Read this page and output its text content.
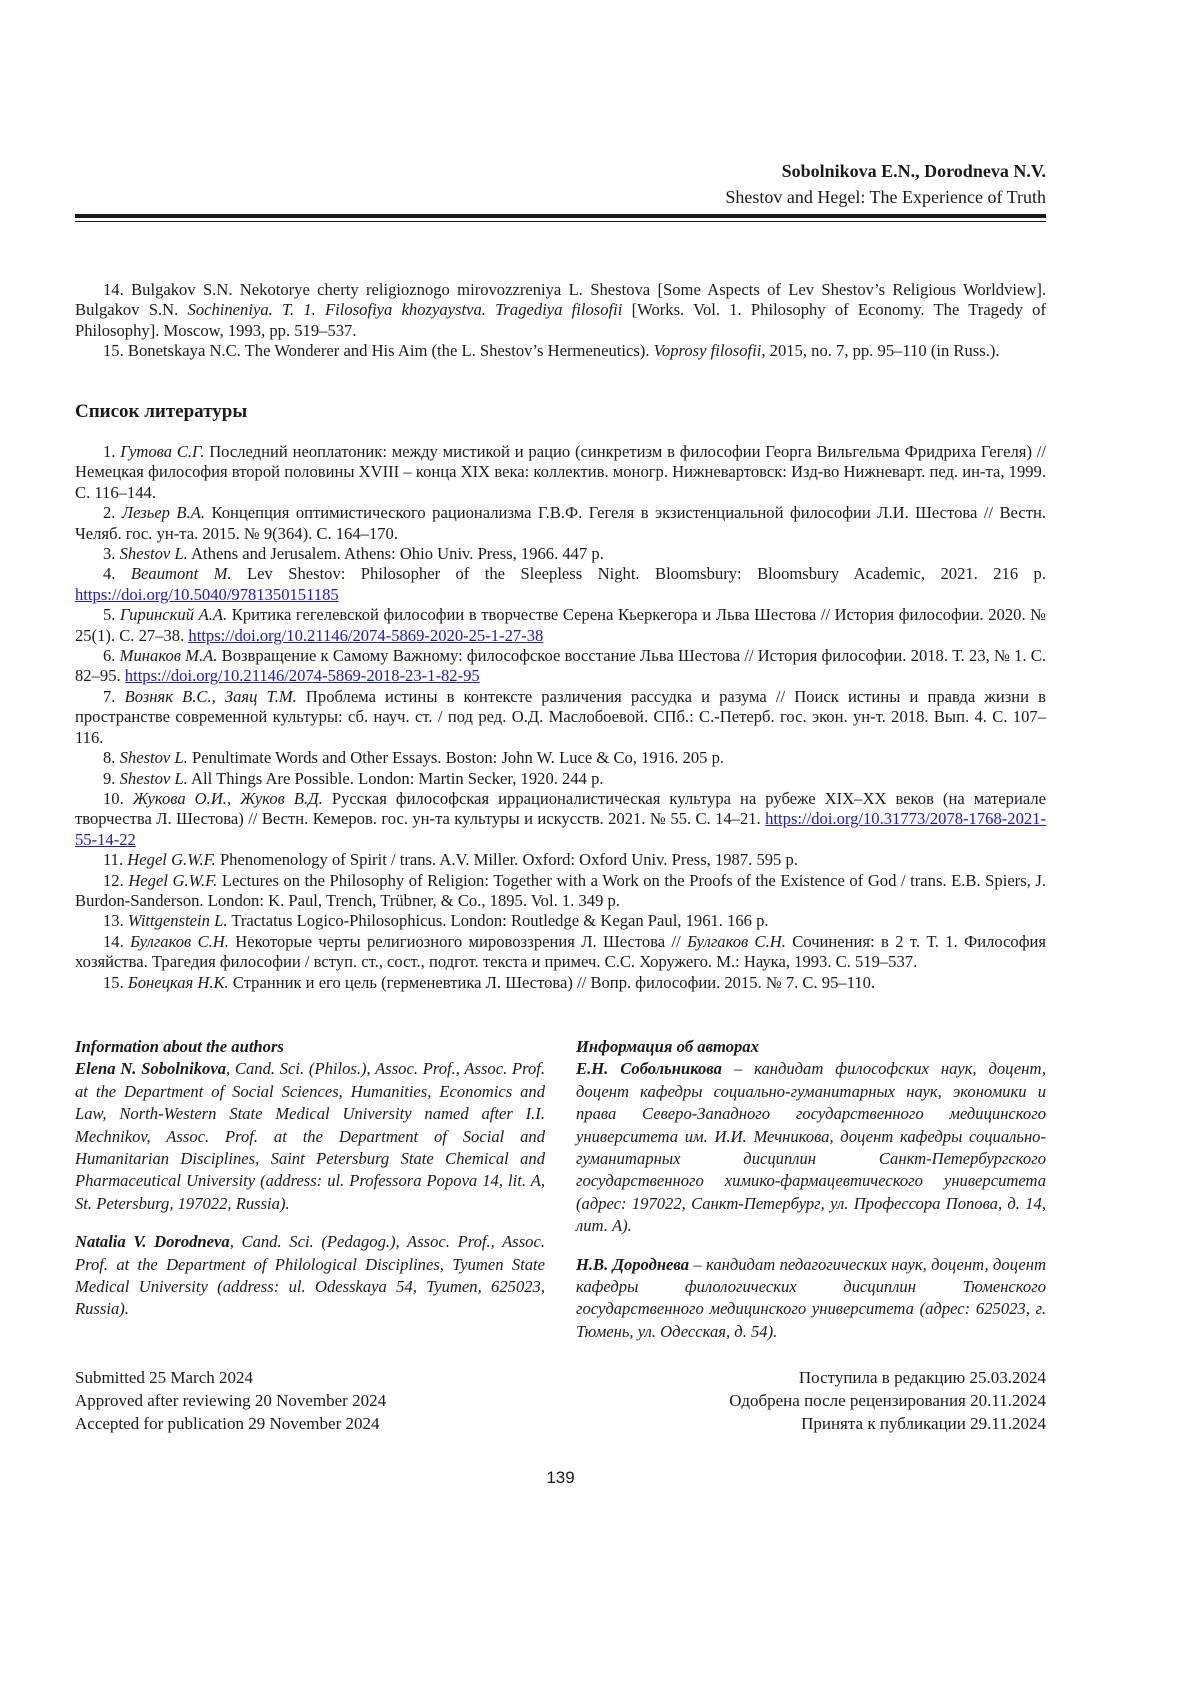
Sobolnikova E.N., Dorodneva N.V.
Shestov and Hegel: The Experience of Truth

14. Bulgakov S.N. Nekotorye cherty religioznogo mirovozzreniya L. Shestova [Some Aspects of Lev Shestov’s Religious Worldview]. Bulgakov S.N. Sochineniya. T. 1. Filosofiya khozyaystva. Tragediya filosofii [Works. Vol. 1. Philosophy of Economy. The Tragedy of Philosophy]. Moscow, 1993, pp. 519–537.

15. Bonetskaya N.C. The Wonderer and His Aim (the L. Shestov’s Hermeneutics). Voprosy filosofii, 2015, no. 7, pp. 95–110 (in Russ.).

Список литературы

1. Гутова С.Г. Последний неоплатоник: между мистикой и рацио (синкретизм в философии Георга Вильгельма Фридриха Гегеля) // Немецкая философия второй половины XVIII – конца XIX века: коллектив. моногр. Нижневартовск: Изд-во Нижневарт. пед. ин-та, 1999. С. 116–144.

2. Лезьер В.А. Концепция оптимистического рационализма Г.В.Ф. Гегеля в экзистенциальной философии Л.И. Шестова // Вестн. Челяб. гос. ун-та. 2015. № 9(364). С. 164–170.

3. Shestov L. Athens and Jerusalem. Athens: Ohio Univ. Press, 1966. 447 p.

4. Beaumont M. Lev Shestov: Philosopher of the Sleepless Night. Bloomsbury: Bloomsbury Academic, 2021. 216 p. https://doi.org/10.5040/9781350151185

5. Гиринский А.А. Критика гегелевской философии в творчестве Серена Кьеркегора и Льва Шестова // История философии. 2020. № 25(1). С. 27–38. https://doi.org/10.21146/2074-5869-2020-25-1-27-38

6. Минаков М.А. Возвращение к Самому Важному: философское восстание Льва Шестова // История философии. 2018. Т. 23, № 1. С. 82–95. https://doi.org/10.21146/2074-5869-2018-23-1-82-95

7. Возняк В.С., Заяц Т.М. Проблема истины в контексте различения рассудка и разума // Поиск истины и правда жизни в пространстве современной культуры: сб. науч. ст. / под ред. О.Д. Маслобоевой. СПб.: С.-Петерб. гос. экон. ун-т. 2018. Вып. 4. С. 107–116.

8. Shestov L. Penultimate Words and Other Essays. Boston: John W. Luce & Co, 1916. 205 p.

9. Shestov L. All Things Are Possible. London: Martin Secker, 1920. 244 p.

10. Жукова О.И., Жуков В.Д. Русская философская иррационалистическая культура на рубеже XIX–XX веков (на материале творчества Л. Шестова) // Вестн. Кемеров. гос. ун-та культуры и искусств. 2021. № 55. С. 14–21. https://doi.org/10.31773/2078-1768-2021-55-14-22

11. Hegel G.W.F. Phenomenology of Spirit / trans. A.V. Miller. Oxford: Oxford Univ. Press, 1987. 595 p.

12. Hegel G.W.F. Lectures on the Philosophy of Religion: Together with a Work on the Proofs of the Existence of God / trans. E.B. Spiers, J. Burdon-Sanderson. London: K. Paul, Trench, Trübner, & Co., 1895. Vol. 1. 349 p.

13. Wittgenstein L. Tractatus Logico-Philosophicus. London: Routledge & Kegan Paul, 1961. 166 p.

14. Булгаков С.Н. Некоторые черты религиозного мировоззрения Л. Шестова // Булгаков С.Н. Сочинения: в 2 т. Т. 1. Философия хозяйства. Трагедия философии / вступ. ст., сост., подгот. текста и примеч. С.С. Хоружего. М.: Наука, 1993. С. 519–537.

15. Бонецкая Н.К. Странник и его цель (герменевтика Л. Шестова) // Вопр. философии. 2015. № 7. С. 95–110.

Information about the authors

Elena N. Sobolnikova, Cand. Sci. (Philos.), Assoc. Prof., Assoc. Prof. at the Department of Social Sciences, Humanities, Economics and Law, North-Western State Medical University named after I.I. Mechnikov, Assoc. Prof. at the Department of Social and Humanitarian Disciplines, Saint Petersburg State Chemical and Pharmaceutical University (address: ul. Professora Popova 14, lit. A, St. Petersburg, 197022, Russia).

Natalia V. Dorodneva, Cand. Sci. (Pedagog.), Assoc. Prof., Assoc. Prof. at the Department of Philological Disciplines, Tyumen State Medical University (address: ul. Odesskaya 54, Tyumen, 625023, Russia).

Информация об авторах

Е.Н. Собольникова – кандидат философских наук, доцент, доцент кафедры социально-гуманитарных наук, экономики и права Северо-Западного государственного медицинского университета им. И.И. Мечникова, доцент кафедры социально-гуманитарных дисциплин Санкт-Петербургского государственного химико-фармацевтического университета (адрес: 197022, Санкт-Петербург, ул. Профессора Попова, д. 14, лит. А).

Н.В. Дороднева – кандидат педагогических наук, доцент, доцент кафедры филологических дисциплин Тюменского государственного медицинского университета (адрес: 625023, г. Тюмень, ул. Одесская, д. 54).

Submitted 25 March 2024
Approved after reviewing 20 November 2024
Accepted for publication 29 November 2024
Поступила в редакцию 25.03.2024
Одобрена после рецензирования 20.11.2024
Принята к публикации 29.11.2024
139
